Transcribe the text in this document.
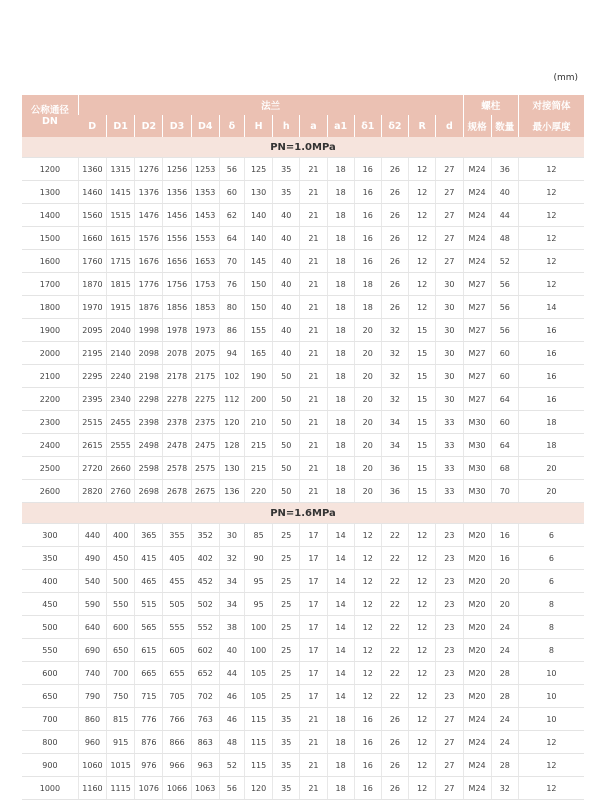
(mm)
公称通径
DN	法兰														螺柱		对接筒体
	D	D1	D2	D3	D4	δ	H	h	a	a1	δ1	δ2	R	d	规格	数量	最小厚度
PN=1.0MPa																	
1200	1360	1315	1276	1256	1253	56	125	35	21	18	16	26	12	27	M24	36	12
1300	1460	1415	1376	1356	1353	60	130	35	21	18	16	26	12	27	M24	40	12
1400	1560	1515	1476	1456	1453	62	140	40	21	18	16	26	12	27	M24	44	12
1500	1660	1615	1576	1556	1553	64	140	40	21	18	16	26	12	27	M24	48	12
1600	1760	1715	1676	1656	1653	70	145	40	21	18	16	26	12	27	M24	52	12
1700	1870	1815	1776	1756	1753	76	150	40	21	18	18	26	12	30	M27	56	12
1800	1970	1915	1876	1856	1853	80	150	40	21	18	18	26	12	30	M27	56	14
1900	2095	2040	1998	1978	1973	86	155	40	21	18	20	32	15	30	M27	56	16
2000	2195	2140	2098	2078	2075	94	165	40	21	18	20	32	15	30	M27	60	16
2100	2295	2240	2198	2178	2175	102	190	50	21	18	20	32	15	30	M27	60	16
2200	2395	2340	2298	2278	2275	112	200	50	21	18	20	32	15	30	M27	64	16
2300	2515	2455	2398	2378	2375	120	210	50	21	18	20	34	15	33	M30	60	18
2400	2615	2555	2498	2478	2475	128	215	50	21	18	20	34	15	33	M30	64	18
2500	2720	2660	2598	2578	2575	130	215	50	21	18	20	36	15	33	M30	68	20
2600	2820	2760	2698	2678	2675	136	220	50	21	18	20	36	15	33	M30	70	20
PN=1.6MPa																	
300	440	400	365	355	352	30	85	25	17	14	12	22	12	23	M20	16	6
350	490	450	415	405	402	32	90	25	17	14	12	22	12	23	M20	16	6
400	540	500	465	455	452	34	95	25	17	14	12	22	12	23	M20	20	6
450	590	550	515	505	502	34	95	25	17	14	12	22	12	23	M20	20	8
500	640	600	565	555	552	38	100	25	17	14	12	22	12	23	M20	24	8
550	690	650	615	605	602	40	100	25	17	14	12	22	12	23	M20	24	8
600	740	700	665	655	652	44	105	25	17	14	12	22	12	23	M20	28	10
650	790	750	715	705	702	46	105	25	17	14	12	22	12	23	M20	28	10
700	860	815	776	766	763	46	115	35	21	18	16	26	12	27	M24	24	10
800	960	915	876	866	863	48	115	35	21	18	16	26	12	27	M24	24	12
900	1060	1015	976	966	963	52	115	35	21	18	16	26	12	27	M24	28	12
1000	1160	1115	1076	1066	1063	56	120	35	21	18	16	26	12	27	M24	32	12
